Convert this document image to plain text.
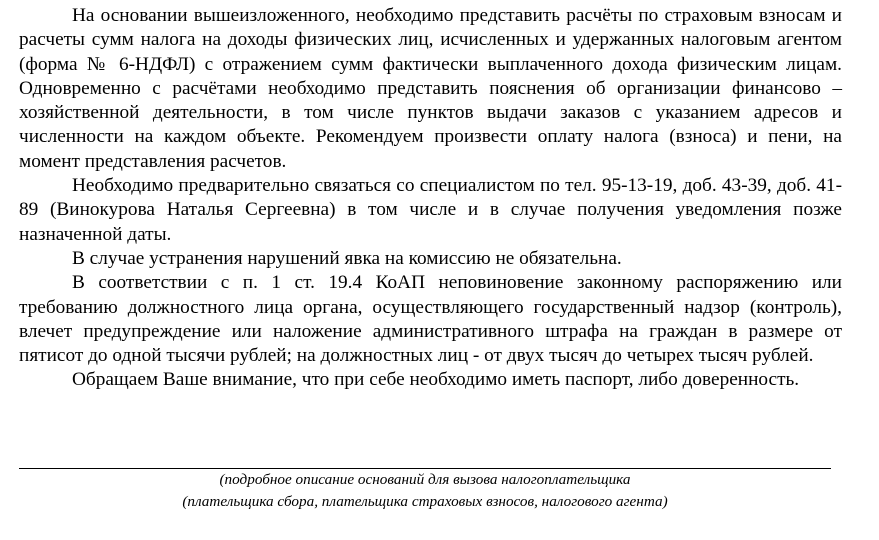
На основании вышеизложенного, необходимо представить расчёты по страховым взносам и расчеты сумм налога на доходы физических лиц, исчисленных и удержанных налоговым агентом (форма № 6-НДФЛ) с отражением сумм фактически выплаченного дохода физическим лицам. Одновременно с расчётами необходимо представить пояснения об организации финансово – хозяйственной деятельности, в том числе пунктов выдачи заказов с указанием адресов и численности на каждом объекте. Рекомендуем произвести оплату налога (взноса) и пени, на момент представления расчетов.

Необходимо предварительно связаться со специалистом по тел. 95-13-19, доб. 43-39, доб. 41-89 (Винокурова Наталья Сергеевна) в том числе и в случае получения уведомления позже назначенной даты.

В случае устранения нарушений явка на комиссию не обязательна.

В соответствии с п. 1 ст. 19.4 КоАП неповиновение законному распоряжению или требованию должностного лица органа, осуществляющего государственный надзор (контроль), влечет предупреждение или наложение административного штрафа на граждан в размере от пятисот до одной тысячи рублей; на должностных лиц - от двух тысяч до четырех тысяч рублей.

Обращаем Ваше внимание, что при себе необходимо иметь паспорт, либо доверенность.

(подробное описание оснований для вызова налогоплательщика
(плательщика сбора, плательщика страховых взносов, налогового агента)
